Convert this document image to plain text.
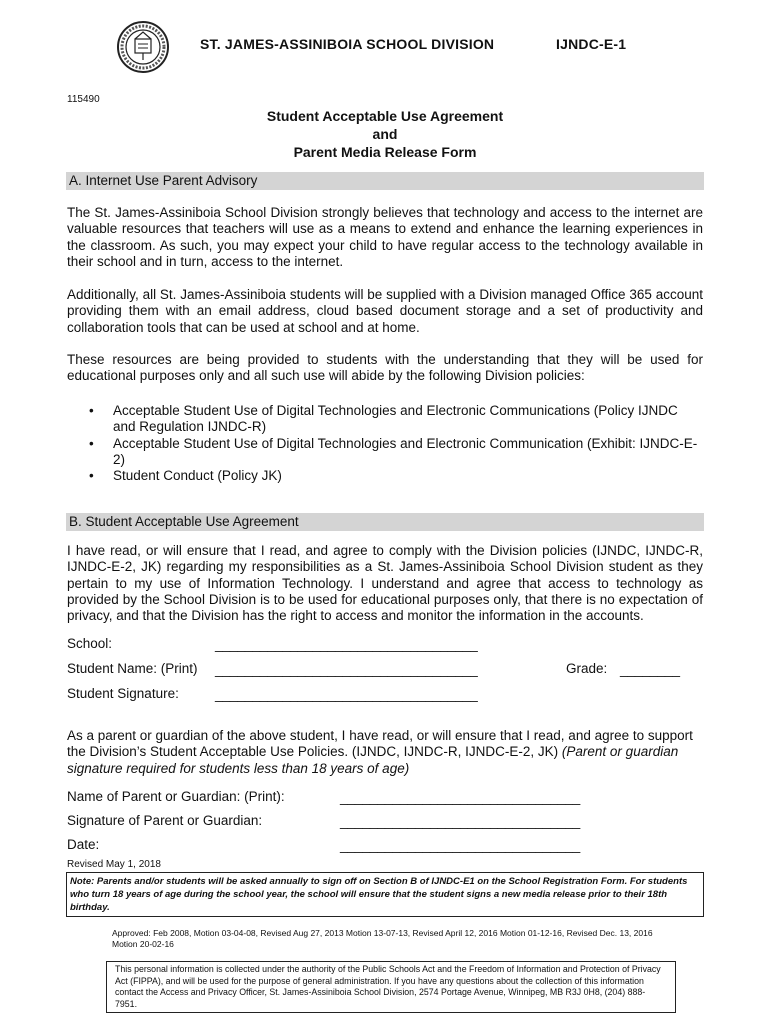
ST. JAMES-ASSINIBOIA SCHOOL DIVISION	IJNDC-E-1
115490
Student Acceptable Use Agreement
and
Parent Media Release Form
A. Internet Use Parent Advisory
The St. James-Assiniboia School Division strongly believes that technology and access to the internet are valuable resources that teachers will use as a means to extend and enhance the learning experiences in the classroom. As such, you may expect your child to have regular access to the technology available in their school and in turn, access to the internet.
Additionally, all St. James-Assiniboia students will be supplied with a Division managed Office 365 account providing them with an email address, cloud based document storage and a set of productivity and collaboration tools that can be used at school and at home.
These resources are being provided to students with the understanding that they will be used for educational purposes only and all such use will abide by the following Division policies:
• Acceptable Student Use of Digital Technologies and Electronic Communications (Policy IJNDC and Regulation IJNDC-R)
• Acceptable Student Use of Digital Technologies and Electronic Communication (Exhibit: IJNDC-E-2)
• Student Conduct (Policy JK)
B. Student Acceptable Use Agreement
I have read, or will ensure that I read, and agree to comply with the Division policies (IJNDC, IJNDC-R, IJNDC-E-2, JK) regarding my responsibilities as a St. James-Assiniboia School Division student as they pertain to my use of Information Technology. I understand and agree that access to technology as provided by the School Division is to be used for educational purposes only, that there is no expectation of privacy, and that the Division has the right to access and monitor the information in the accounts.
School:	___________________________________
Student Name: (Print) ___________________________________	Grade: ________
Student Signature:	___________________________________
As a parent or guardian of the above student, I have read, or will ensure that I read, and agree to support the Division’s Student Acceptable Use Policies. (IJNDC, IJNDC-R, IJNDC-E-2, JK) (Parent or guardian signature required for students less than 18 years of age)
Name of Parent or Guardian: (Print):	________________________________
Signature of Parent or Guardian:	________________________________
Date:	________________________________
Revised May 1, 2018
Note: Parents and/or students will be asked annually to sign off on Section B of IJNDC-E1 on the School Registration Form. For students who turn 18 years of age during the school year, the school will ensure that the student signs a new media release prior to their 18th birthday.
Approved: Feb 2008, Motion 03-04-08, Revised Aug 27, 2013 Motion 13-07-13, Revised April 12, 2016 Motion 01-12-16, Revised Dec. 13, 2016 Motion 20-02-16
This personal information is collected under the authority of the Public Schools Act and the Freedom of Information and Protection of Privacy Act (FIPPA), and will be used for the purpose of general administration. If you have any questions about the collection of this information contact the Access and Privacy Officer, St. James-Assiniboia School Division, 2574 Portage Avenue, Winnipeg, MB R3J 0H8, (204) 888-7951.
